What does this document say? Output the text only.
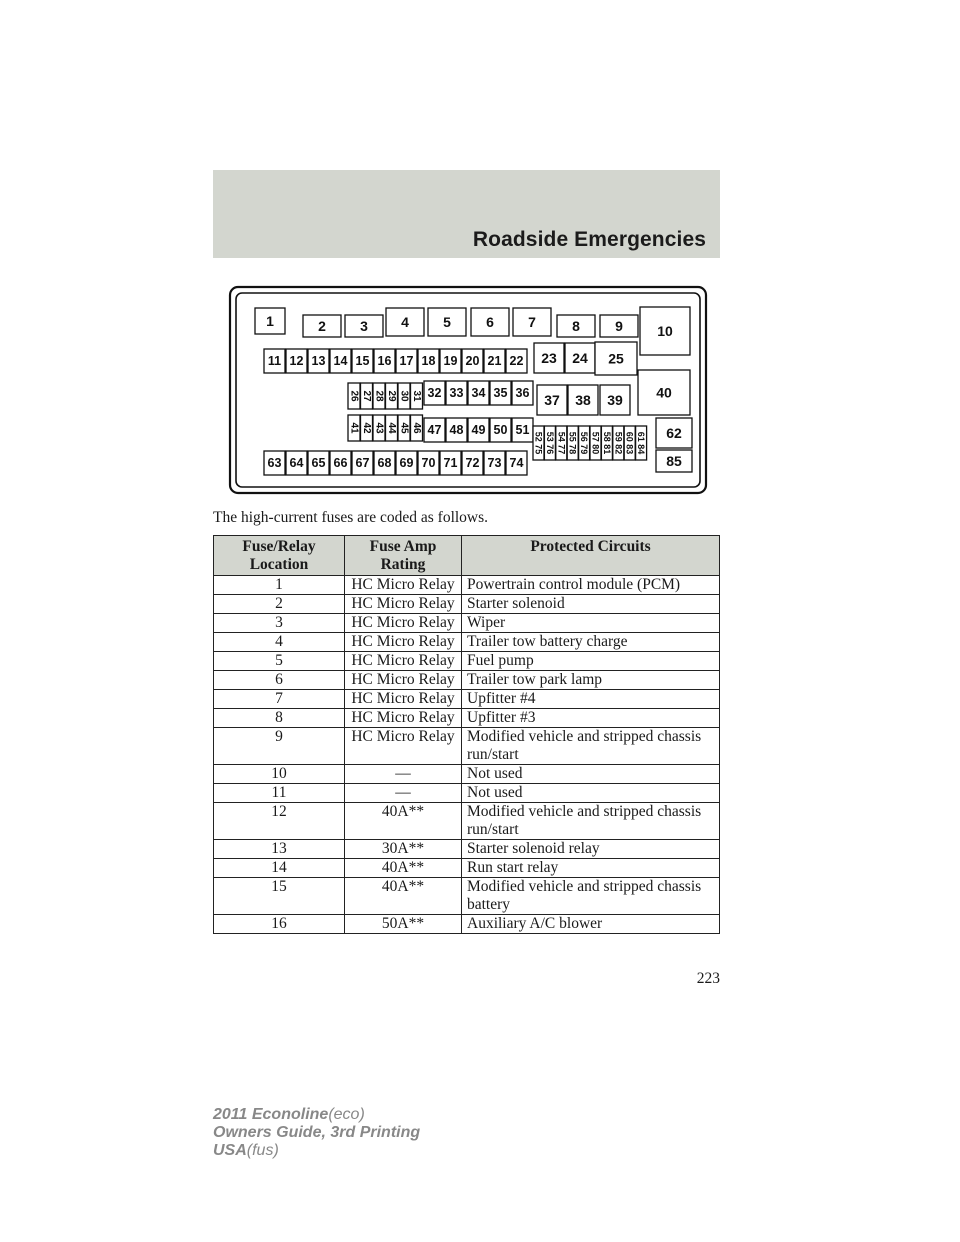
Roadside Emergencies
1	2 3 4 5	6 7	8	9 10
23 24 25
37 38 39 40
62
85
11 12 13 14 15 16 17 18 19 20 21 22
26 27 28 29 30 31 32 33 34 35 36
41 42 43 44 45 46 47 48 49 50 51
52 75 53 76 54 77 55 78 56 79 57 80 58 81 59 82 60 83 61 84
63 64 65 66 67 68 69 70 71 72 73 74
The high-current fuses are coded as follows.
Fuse/Relay Location	Fuse Amp Rating	Protected Circuits
1	HC Micro Relay	Powertrain control module (PCM)
2	HC Micro Relay	Starter solenoid
3	HC Micro Relay	Wiper
4	HC Micro Relay	Trailer tow battery charge
5	HC Micro Relay	Fuel pump
6	HC Micro Relay	Trailer tow park lamp
7	HC Micro Relay	Upfitter #4
8	HC Micro Relay	Upfitter #3
9	HC Micro Relay	Modified vehicle and stripped chassis run/start
10	—	Not used
11	—	Not used
12	40A**	Modified vehicle and stripped chassis run/start
13	30A**	Starter solenoid relay
14	40A**	Run start relay
15	40A**	Modified vehicle and stripped chassis battery
16	50A**	Auxiliary A/C blower
223
2011 Econoline(eco)
Owners Guide, 3rd Printing
USA(fus)
